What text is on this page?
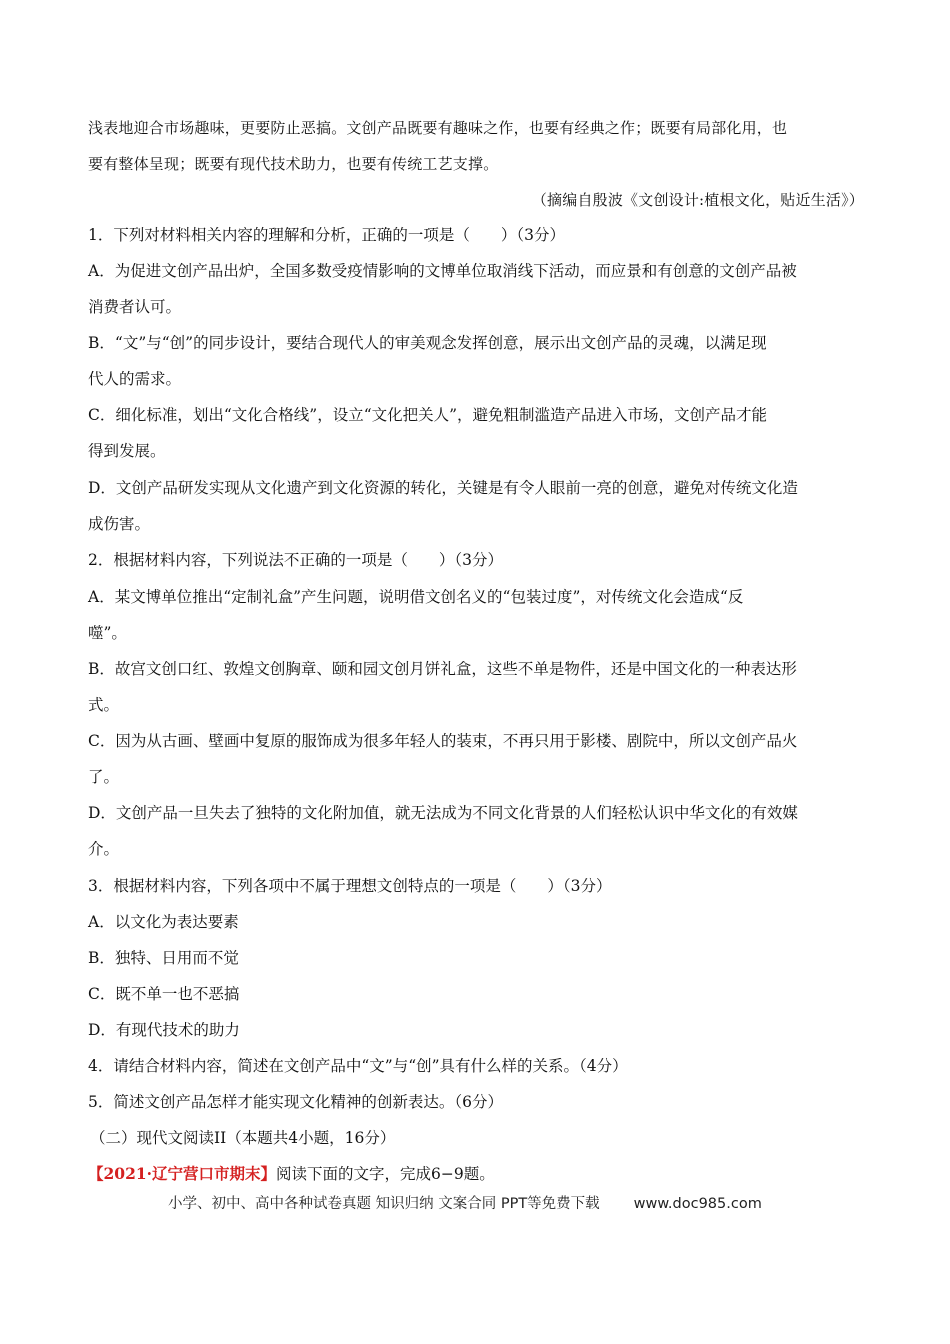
浅表地迎合市场趣味，更要防止恶搞。文创产品既要有趣味之作，也要有经典之作；既要有局部化用，也
要有整体呈现；既要有现代技术助力，也要有传统工艺支撑。
（摘编自殷波《文创设计:植根文化，贴近生活》）
1．下列对材料相关内容的理解和分析，正确的一项是（　　）（3分）
A．为促进文创产品出炉，全国多数受疫情影响的文博单位取消线下活动，而应景和有创意的文创产品被
消费者认可。
B．“文”与“创”的同步设计，要结合现代人的审美观念发挥创意，展示出文创产品的灵魂，以满足现
代人的需求。
C．细化标准，划出“文化合格线”，设立“文化把关人”，避免粗制滥造产品进入市场，文创产品才能
得到发展。
D．文创产品研发实现从文化遗产到文化资源的转化，关键是有令人眼前一亮的创意，避免对传统文化造
成伤害。
2．根据材料内容，下列说法不正确的一项是（　　）（3分）
A．某文博单位推出“定制礼盒”产生问题，说明借文创名义的“包装过度”，对传统文化会造成“反
噬”。
B．故宫文创口红、敦煌文创胸章、颐和园文创月饼礼盒，这些不单是物件，还是中国文化的一种表达形
式。
C．因为从古画、壁画中复原的服饰成为很多年轻人的装束，不再只用于影楼、剧院中，所以文创产品火
了。
D．文创产品一旦失去了独特的文化附加值，就无法成为不同文化背景的人们轻松认识中华文化的有效媒
介。
3．根据材料内容，下列各项中不属于理想文创特点的一项是（　　）（3分）
A．以文化为表达要素
B．独特、日用而不觉
C．既不单一也不恶搞
D．有现代技术的助力
4．请结合材料内容，简述在文创产品中“文”与“创”具有什么样的关系。（4分）
5．简述文创产品怎样才能实现文化精神的创新表达。（6分）
（二）现代文阅读II（本题共4小题，16分）
【2021·辽宁营口市期末】阅读下面的文字，完成6−9题。
小学、初中、高中各种试卷真题 知识归纳 文案合同 PPT等免费下载 www.doc985.com
